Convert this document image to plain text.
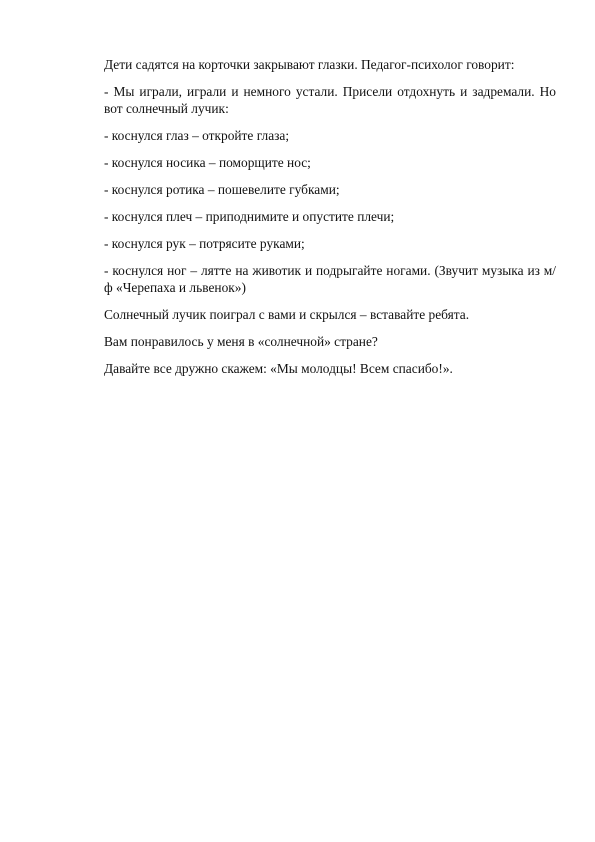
Дети садятся на корточки закрывают глазки. Педагог-психолог говорит:

- Мы играли, играли и немного устали. Присели отдохнуть и задремали. Но вот солнечный лучик:

- коснулся глаз – откройте глаза;

- коснулся носика – поморщите нос;

- коснулся ротика – пошевелите губками;

- коснулся плеч – приподнимите и опустите плечи;

- коснулся рук – потрясите руками;

- коснулся ног – лятте на животик и подрыгайте ногами. (Звучит музыка из м/ф «Черепаха и львенок»)

Солнечный лучик поиграл с вами и скрылся – вставайте ребята.

Вам понравилось у меня в «солнечной» стране?

Давайте все дружно скажем: «Мы молодцы! Всем спасибо!».
